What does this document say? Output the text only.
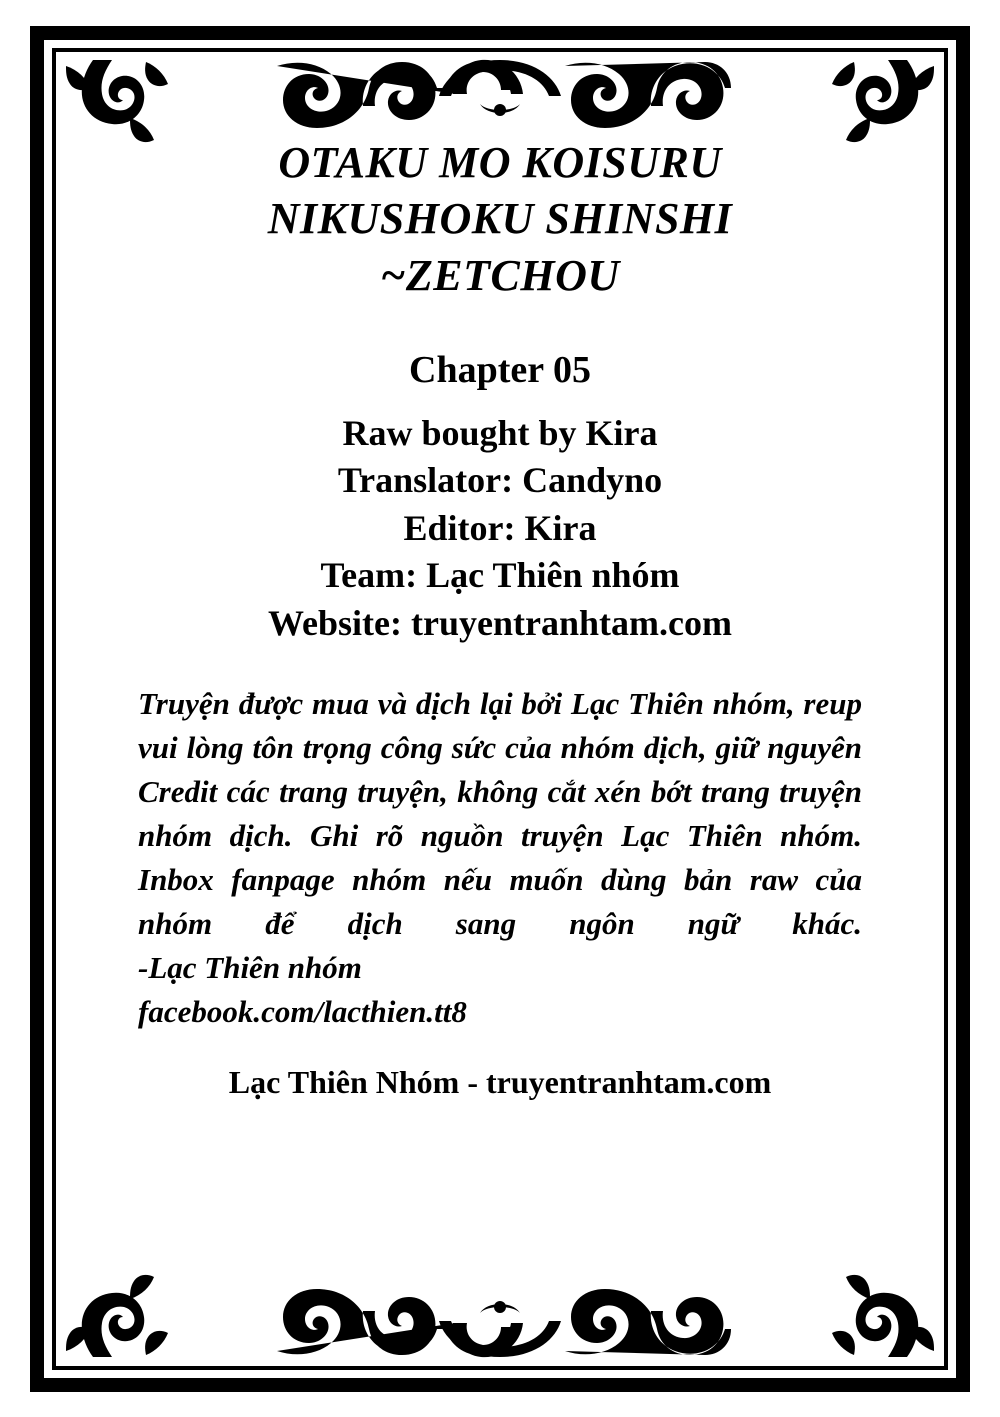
OTAKU MO KOISURU
NIKUSHOKU SHINSHI
~ZETCHOU
Chapter 05
Raw bought by Kira
Translator: Candyno
Editor: Kira
Team: Lạc Thiên nhóm
Website: truyentranhtam.com

Truyện được mua và dịch lại bởi Lạc Thiên nhóm, reup vui lòng tôn trọng công sức của nhóm dịch, giữ nguyên Credit các trang truyện, không cắt xén bớt trang truyện nhóm dịch. Ghi rõ nguồn truyện Lạc Thiên nhóm. Inbox fanpage nhóm nếu muốn dùng bản raw của nhóm để dịch sang ngôn ngữ khác.

-Lạc Thiên nhóm

facebook.com/lacthien.tt8

Lạc Thiên Nhóm - truyentranhtam.com
